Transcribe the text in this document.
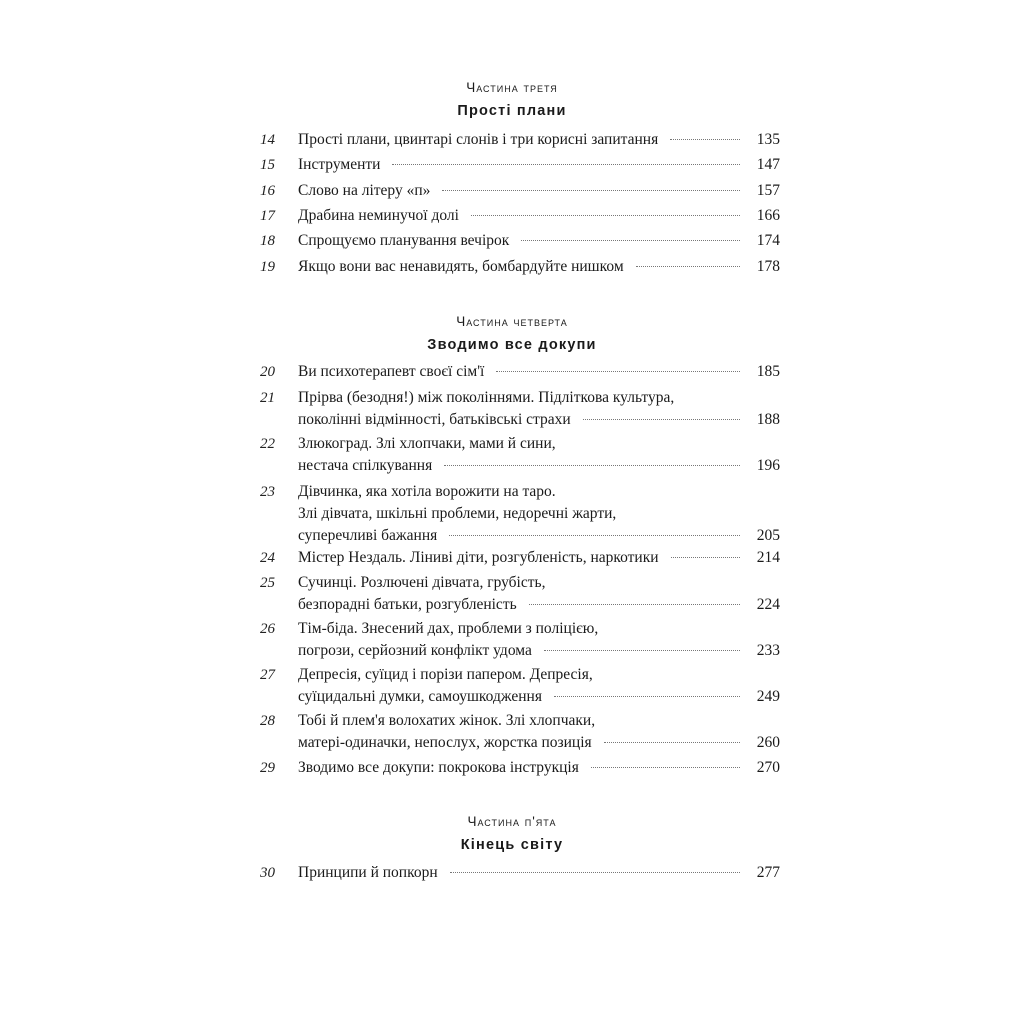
Частина третя
Прості плани
14	Прості плани, цвинтарі слонів і три корисні запитання	135
15	Інструменти	147
16	Слово на літеру «п»	157
17	Драбина неминучої долі	166
18	Спрощуємо планування вечірок	174
19	Якщо вони вас ненавидять, бомбардуйте нишком	178
Частина четверта
Зводимо все докупи
20	Ви психотерапевт своєї сім'ї	185
21	Прірва (безодня!) між поколіннями. Підліткова культура,
поколінні відмінності, батьківські страхи	188
22	Злюкоград. Злі хлопчаки, мами й сини,
нестача спілкування	196
23	Дівчинка, яка хотіла ворожити на таро.
Злі дівчата, шкільні проблеми, недоречні жарти,
суперечливі бажання	205
24	Містер Нездаль. Ліниві діти, розгубленість, наркотики	214
25	Сучинці. Розлючені дівчата, грубість,
безпорадні батьки, розгубленість	224
26	Тім-біда. Знесений дах, проблеми з поліцією,
погрози, серйозний конфлікт удома	233
27	Депресія, суїцид і порізи папером. Депресія,
суїцидальні думки, самоушкодження	249
28	Тобі й плем'я волохатих жінок. Злі хлопчаки,
матері-одиначки, непослух, жорстка позиція	260
29	Зводимо все докупи: покрокова інструкція	270
Частина п'ята
Кінець світу
30	Принципи й попкорн	277
